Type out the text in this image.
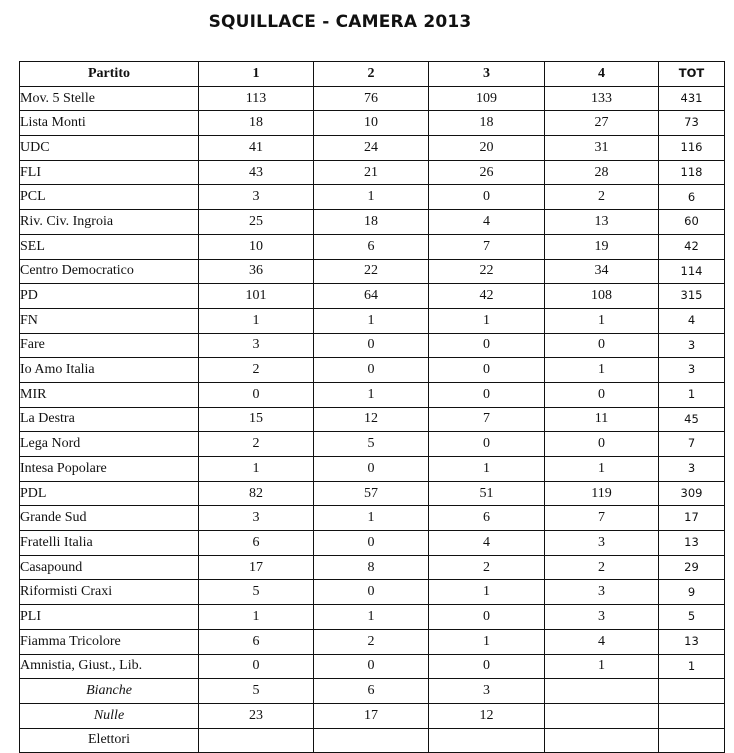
SQUILLACE - CAMERA 2013
Partito	1	2	3	4	TOT
Mov. 5 Stelle	113	76	109	133	431
Lista Monti	18	10	18	27	73
UDC	41	24	20	31	116
FLI	43	21	26	28	118
PCL	3	1	0	2	6
Riv. Civ. Ingroia	25	18	4	13	60
SEL	10	6	7	19	42
Centro Democratico	36	22	22	34	114
PD	101	64	42	108	315
FN	1	1	1	1	4
Fare	3	0	0	0	3
Io Amo Italia	2	0	0	1	3
MIR	0	1	0	0	1
La Destra	15	12	7	11	45
Lega Nord	2	5	0	0	7
Intesa Popolare	1	0	1	1	3
PDL	82	57	51	119	309
Grande Sud	3	1	6	7	17
Fratelli Italia	6	0	4	3	13
Casapound	17	8	2	2	29
Riformisti Craxi	5	0	1	3	9
PLI	1	1	0	3	5
Fiamma Tricolore	6	2	1	4	13
Amnistia, Giust., Lib.	0	0	0	1	1
Bianche	5	6	3		
Nulle	23	17	12		
Elettori					
